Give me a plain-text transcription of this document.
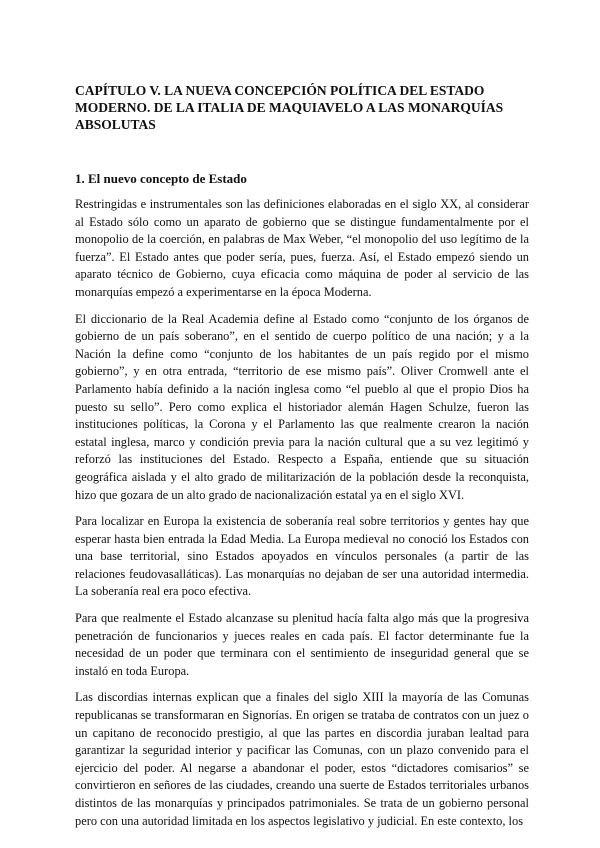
CAPÍTULO V. LA NUEVA CONCEPCIÓN POLÍTICA DEL ESTADO MODERNO. DE LA ITALIA DE MAQUIAVELO A LAS MONARQUÍAS ABSOLUTAS
1. El nuevo concepto de Estado

Restringidas e instrumentales son las definiciones elaboradas en el siglo XX, al considerar al Estado sólo como un aparato de gobierno que se distingue fundamentalmente por el monopolio de la coerción, en palabras de Max Weber, “el monopolio del uso legítimo de la fuerza”. El Estado antes que poder sería, pues, fuerza. Así, el Estado empezó siendo un aparato técnico de Gobierno, cuya eficacia como máquina de poder al servicio de las monarquías empezó a experimentarse en la época Moderna.

El diccionario de la Real Academia define al Estado como “conjunto de los órganos de gobierno de un país soberano”, en el sentido de cuerpo político de una nación; y a la Nación la define como “conjunto de los habitantes de un país regido por el mismo gobierno”, y en otra entrada, “territorio de ese mismo país”. Oliver Cromwell ante el Parlamento había definido a la nación inglesa como “el pueblo al que el propio Dios ha puesto su sello”. Pero como explica el historiador alemán Hagen Schulze, fueron las instituciones políticas, la Corona y el Parlamento las que realmente crearon la nación estatal inglesa, marco y condición previa para la nación cultural que a su vez legitimó y reforzó las instituciones del Estado. Respecto a España, entiende que su situación geográfica aislada y el alto grado de militarización de la población desde la reconquista, hizo que gozara de un alto grado de nacionalización estatal ya en el siglo XVI.

Para localizar en Europa la existencia de soberanía real sobre territorios y gentes hay que esperar hasta bien entrada la Edad Media. La Europa medieval no conoció los Estados con una base territorial, sino Estados apoyados en vínculos personales (a partir de las relaciones feudovasalláticas). Las monarquías no dejaban de ser una autoridad intermedia. La soberanía real era poco efectiva.

Para que realmente el Estado alcanzase su plenitud hacía falta algo más que la progresiva penetración de funcionarios y jueces reales en cada país. El factor determinante fue la necesidad de un poder que terminara con el sentimiento de inseguridad general que se instaló en toda Europa.

Las discordias internas explican que a finales del siglo XIII la mayoría de las Comunas republicanas se transformaran en Signorías. En origen se trataba de contratos con un juez o un capitano de reconocido prestigio, al que las partes en discordia juraban lealtad para garantizar la seguridad interior y pacificar las Comunas, con un plazo convenido para el ejercicio del poder. Al negarse a abandonar el poder, estos “dictadores comisarios” se convirtieron en señores de las ciudades, creando una suerte de Estados territoriales urbanos distintos de las monarquías y principados patrimoniales. Se trata de un gobierno personal pero con una autoridad limitada en los aspectos legislativo y judicial. En este contexto, los
